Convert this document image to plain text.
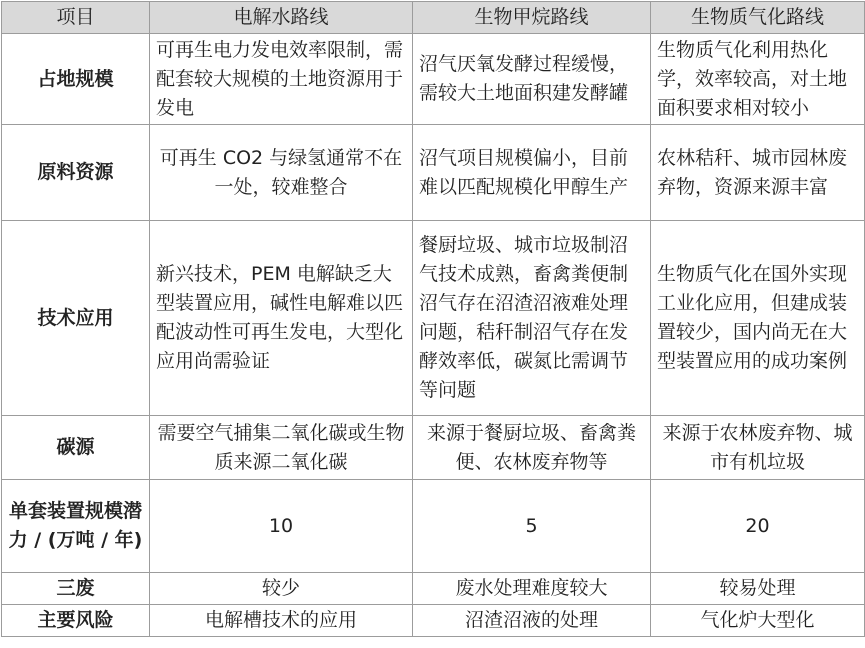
项目	电解水路线	生物甲烷路线	生物质气化路线
占地规模	可再生电力发电效率限制，需配套较大规模的土地资源用于发电	沼气厌氧发酵过程缓慢，需较大土地面积建发酵罐	生物质气化利用热化学，效率较高，对土地面积要求相对较小
原料资源	可再生 CO2 与绿氢通常不在一处，较难整合	沼气项目规模偏小，目前难以匹配规模化甲醇生产	农林秸秆、城市园林废弃物，资源来源丰富
技术应用	新兴技术，PEM 电解缺乏大型装置应用，碱性电解难以匹配波动性可再生发电，大型化应用尚需验证	餐厨垃圾、城市垃圾制沼气技术成熟，畜禽粪便制沼气存在沼渣沼液难处理问题，秸秆制沼气存在发酵效率低，碳氮比需调节等问题	生物质气化在国外实现工业化应用，但建成装置较少，国内尚无在大型装置应用的成功案例
碳源	需要空气捕集二氧化碳或生物质来源二氧化碳	来源于餐厨垃圾、畜禽粪便、农林废弃物等	来源于农林废弃物、城市有机垃圾
单套装置规模潜力 / (万吨 / 年)	10	5	20
三废	较少	废水处理难度较大	较易处理
主要风险	电解槽技术的应用	沼渣沼液的处理	气化炉大型化
